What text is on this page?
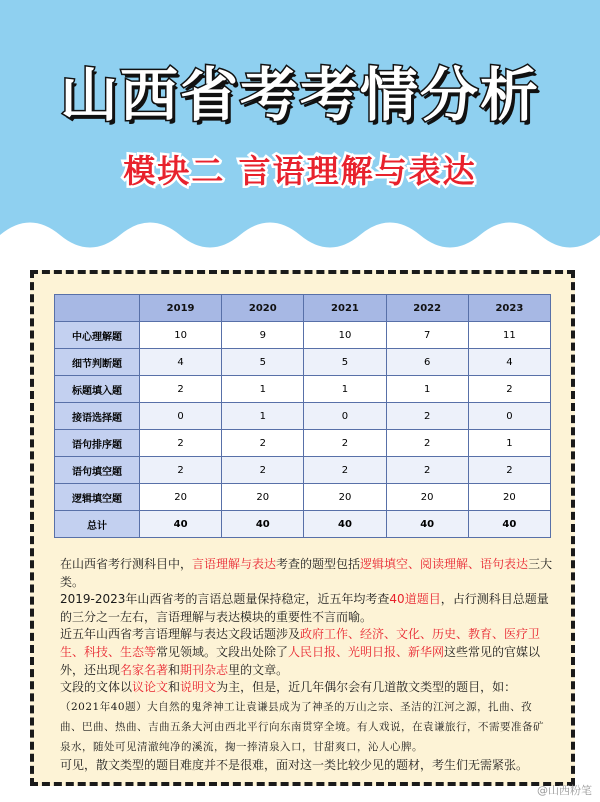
山西省考考情分析
模块二 言语理解与表达
	2019	2020	2021	2022	2023
中心理解题	10	9	10	7	11
细节判断题	4	5	5	6	4
标题填入题	2	1	1	1	2
接语选择题	0	1	0	2	0
语句排序题	2	2	2	2	1
语句填空题	2	2	2	2	2
逻辑填空题	20	20	20	20	20
总计	40	40	40	40	40

在山西省考行测科目中，言语理解与表达考查的题型包括逻辑填空、阅读理解、语句表达三大类。

2019-2023年山西省考的言语总题量保持稳定，近五年均考查40道题目，占行测科目总题量的三分之一左右，言语理解与表达模块的重要性不言而喻。

近五年山西省考言语理解与表达文段话题涉及政府工作、经济、文化、历史、教育、医疗卫生、科技、生态等常见领域。文段出处除了人民日报、光明日报、新华网这些常见的官媒以外，还出现名家名著和期刊杂志里的文章。

文段的文体以议论文和说明文为主，但是，近几年偶尔会有几道散文类型的题目，如：

（2021年40题）大自然的鬼斧神工让袁谦县成为了神圣的万山之宗、圣洁的江河之源，扎曲、孜曲、巴曲、热曲、吉曲五条大河由西北平行向东南贯穿全境。有人戏说，在袁谦旅行，不需要准备矿泉水，随处可见清澈纯净的溪流，掬一捧清泉入口，甘甜爽口，沁人心脾。

可见，散文类型的题目难度并不是很难，面对这一类比较少见的题材，考生们无需紧张。

@山西粉笔
